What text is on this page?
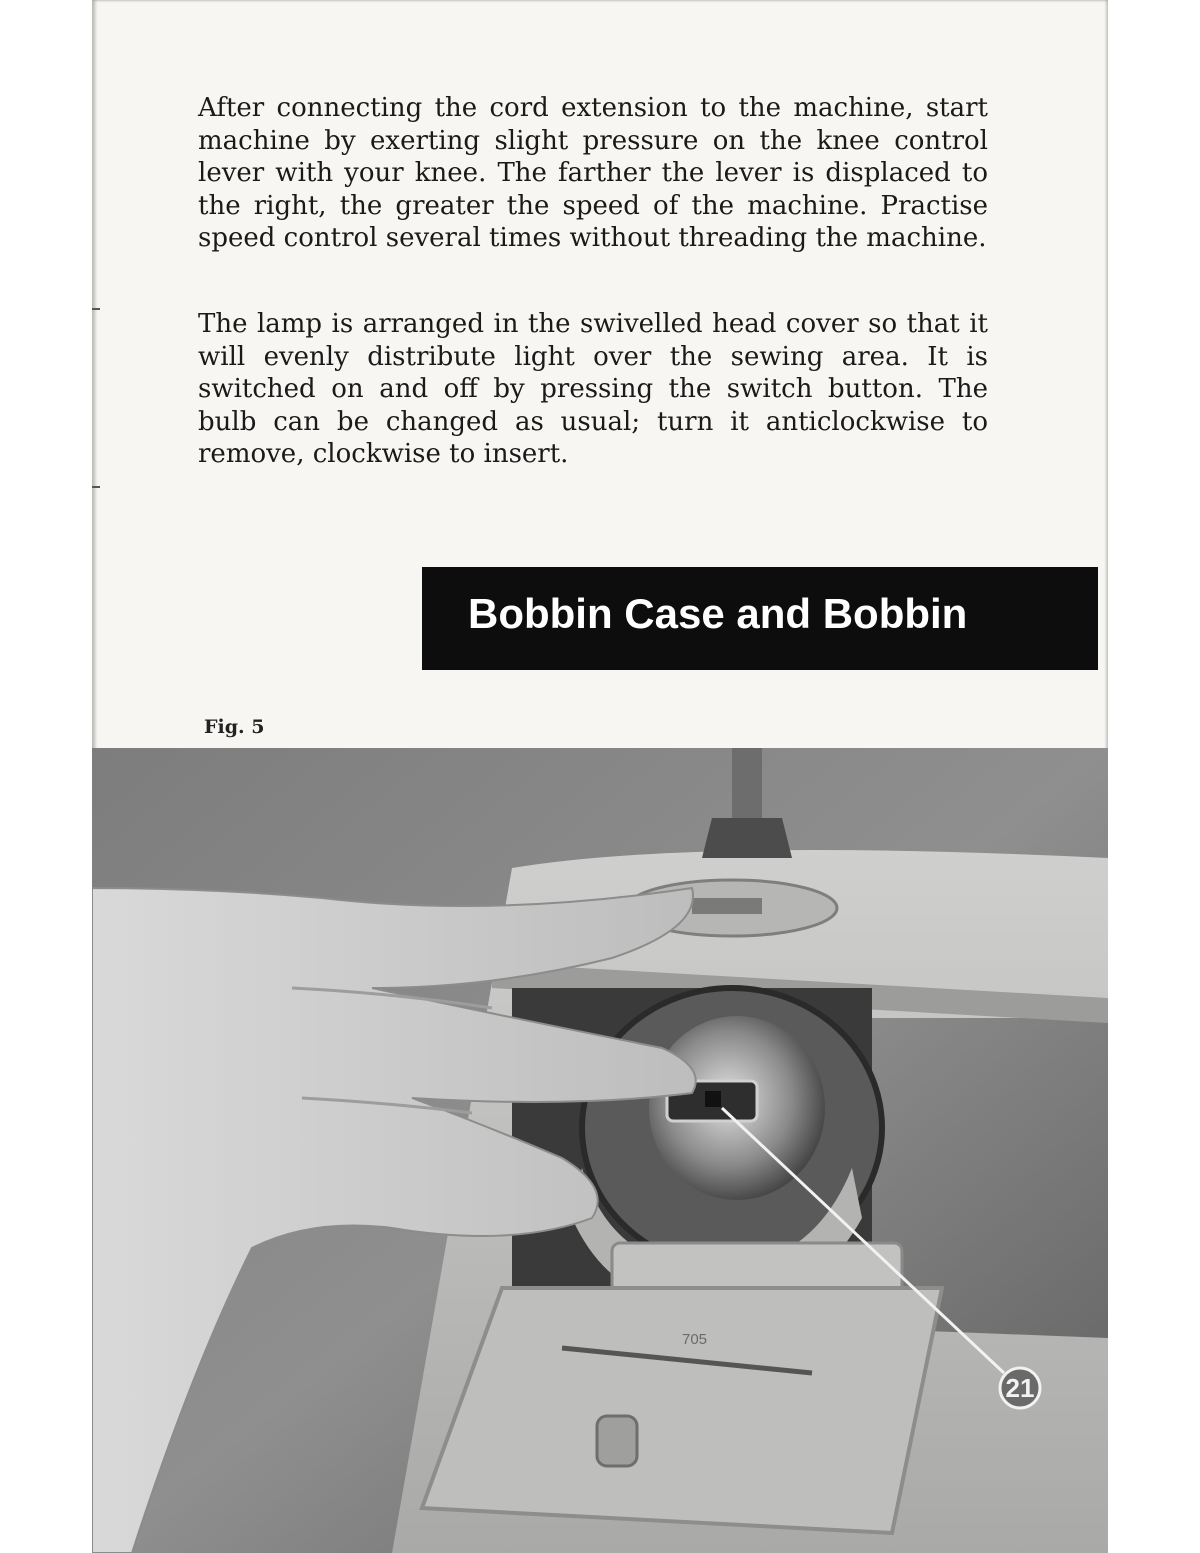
After connecting the cord extension to the machine, start machine by exerting slight pressure on the knee control lever with your knee. The farther the lever is displaced to the right, the greater the speed of the machine. Practise speed control several times without threading the machine.

The lamp is arranged in the swivelled head cover so that it will evenly distribute light over the sewing area. It is switched on and off by pressing the switch button. The bulb can be changed as usual; turn it anticlockwise to remove, clockwise to insert.

Bobbin Case and Bobbin
Fig. 5
705
21
